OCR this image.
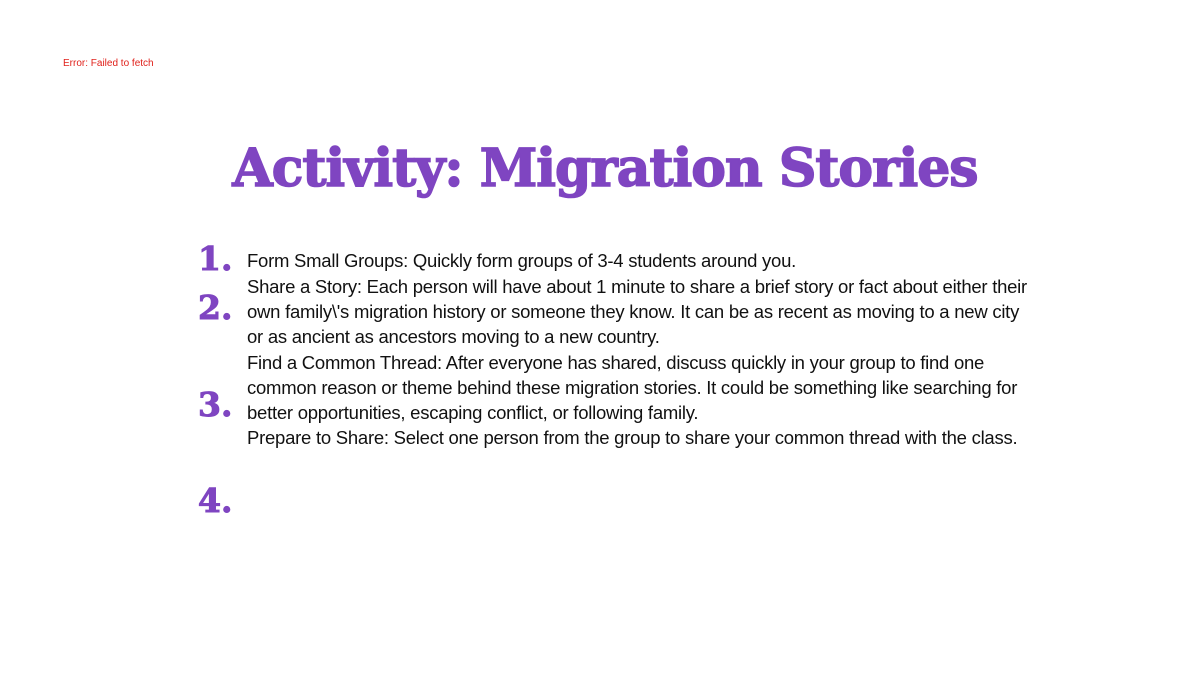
Error: Failed to fetch
Activity: Migration Stories
1.
2.
3.
4.
Form Small Groups: Quickly form groups of 3-4 students around you.
Share a Story: Each person will have about 1 minute to share a brief story or fact about either their own family\'s migration history or someone they know. It can be as recent as moving to a new city or as ancient as ancestors moving to a new country.
Find a Common Thread: After everyone has shared, discuss quickly in your group to find one common reason or theme behind these migration stories. It could be something like searching for better opportunities, escaping conflict, or following family.
Prepare to Share: Select one person from the group to share your common thread with the class.
